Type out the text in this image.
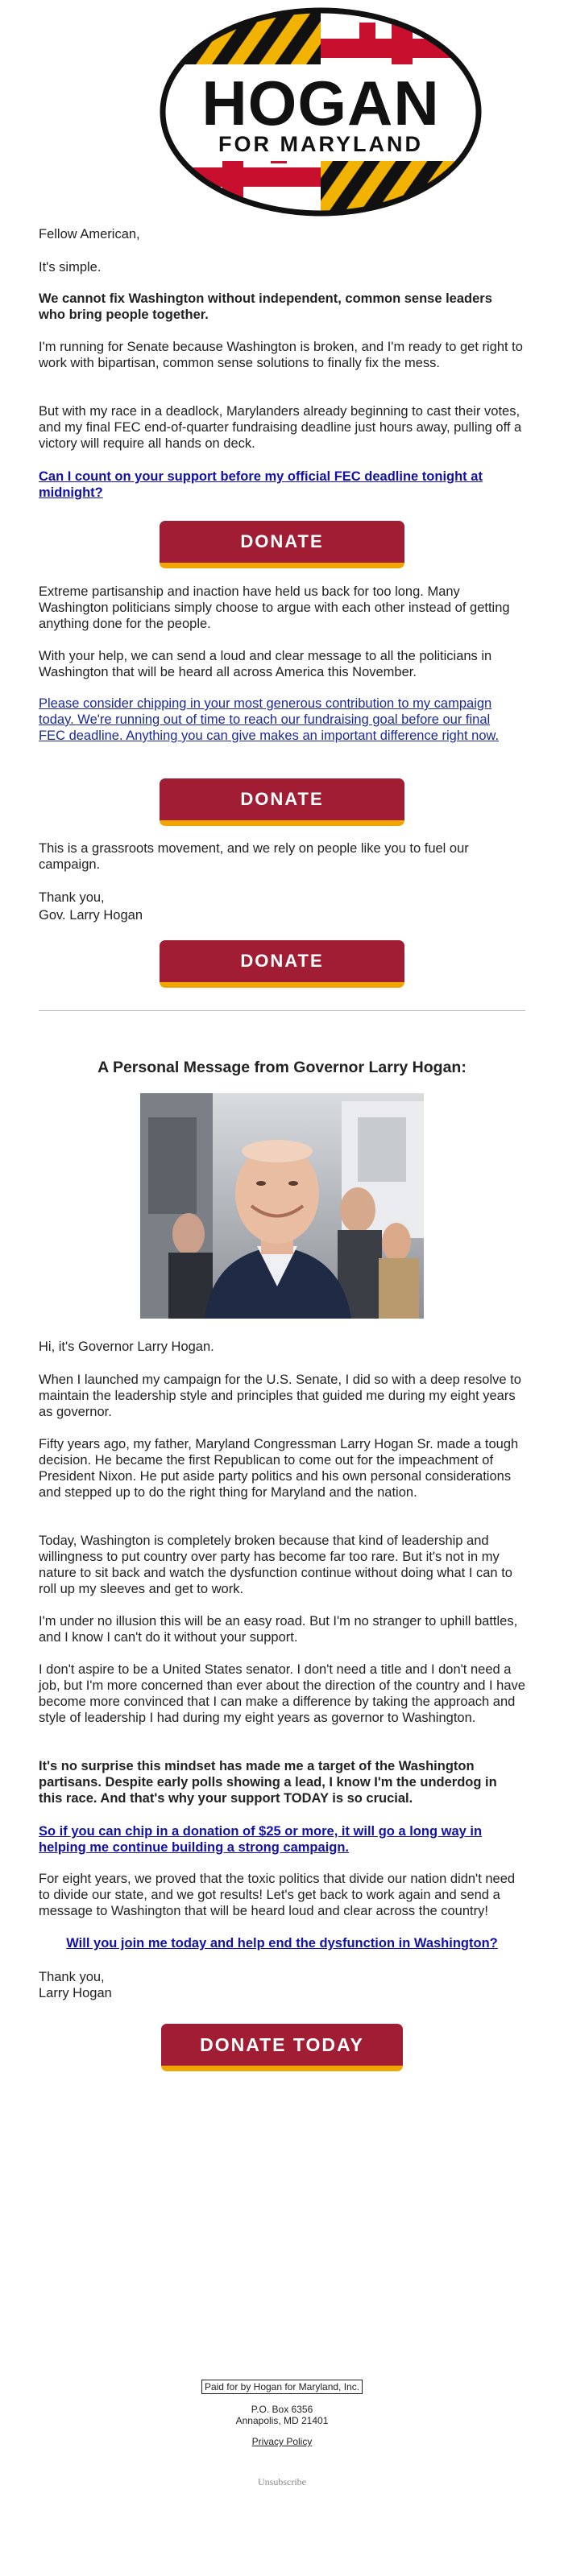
HOGAN
FOR MARYLAND

Fellow American,

It's simple.

We cannot fix Washington without independent, common sense leaders who bring people together.

I'm running for Senate because Washington is broken, and I'm ready to get right to work with bipartisan, common sense solutions to finally fix the mess.

But with my race in a deadlock, Marylanders already beginning to cast their votes, and my final FEC end-of-quarter fundraising deadline just hours away, pulling off a victory will require all hands on deck.

Can I count on your support before my official FEC deadline tonight at midnight?

DONATE

Extreme partisanship and inaction have held us back for too long. Many Washington politicians simply choose to argue with each other instead of getting anything done for the people.

With your help, we can send a loud and clear message to all the politicians in Washington that will be heard all across America this November.

Please consider chipping in your most generous contribution to my campaign today. We're running out of time to reach our fundraising goal before our final FEC deadline. Anything you can give makes an important difference right now.

DONATE

This is a grassroots movement, and we rely on people like you to fuel our campaign.

Thank you,

Gov. Larry Hogan

DONATE

A Personal Message from Governor Larry Hogan:

Hi, it's Governor Larry Hogan.

When I launched my campaign for the U.S. Senate, I did so with a deep resolve to maintain the leadership style and principles that guided me during my eight years as governor.

Fifty years ago, my father, Maryland Congressman Larry Hogan Sr. made a tough decision. He became the first Republican to come out for the impeachment of President Nixon. He put aside party politics and his own personal considerations and stepped up to do the right thing for Maryland and the nation.

Today, Washington is completely broken because that kind of leadership and willingness to put country over party has become far too rare. But it's not in my nature to sit back and watch the dysfunction continue without doing what I can to roll up my sleeves and get to work.

I'm under no illusion this will be an easy road. But I'm no stranger to uphill battles, and I know I can't do it without your support.

I don't aspire to be a United States senator. I don't need a title and I don't need a job, but I'm more concerned than ever about the direction of the country and I have become more convinced that I can make a difference by taking the approach and style of leadership I had during my eight years as governor to Washington.

It's no surprise this mindset has made me a target of the Washington partisans. Despite early polls showing a lead, I know I'm the underdog in this race. And that's why your support TODAY is so crucial.

So if you can chip in a donation of $25 or more, it will go a long way in helping me continue building a strong campaign.

For eight years, we proved that the toxic politics that divide our nation didn't need to divide our state, and we got results! Let's get back to work again and send a message to Washington that will be heard loud and clear across the country!

Will you join me today and help end the dysfunction in Washington?

Thank you,

Larry Hogan

DONATE TODAY
Paid for by Hogan for Maryland, Inc.
P.O. Box 6356
Annapolis, MD 21401
Privacy Policy
Unsubscribe
